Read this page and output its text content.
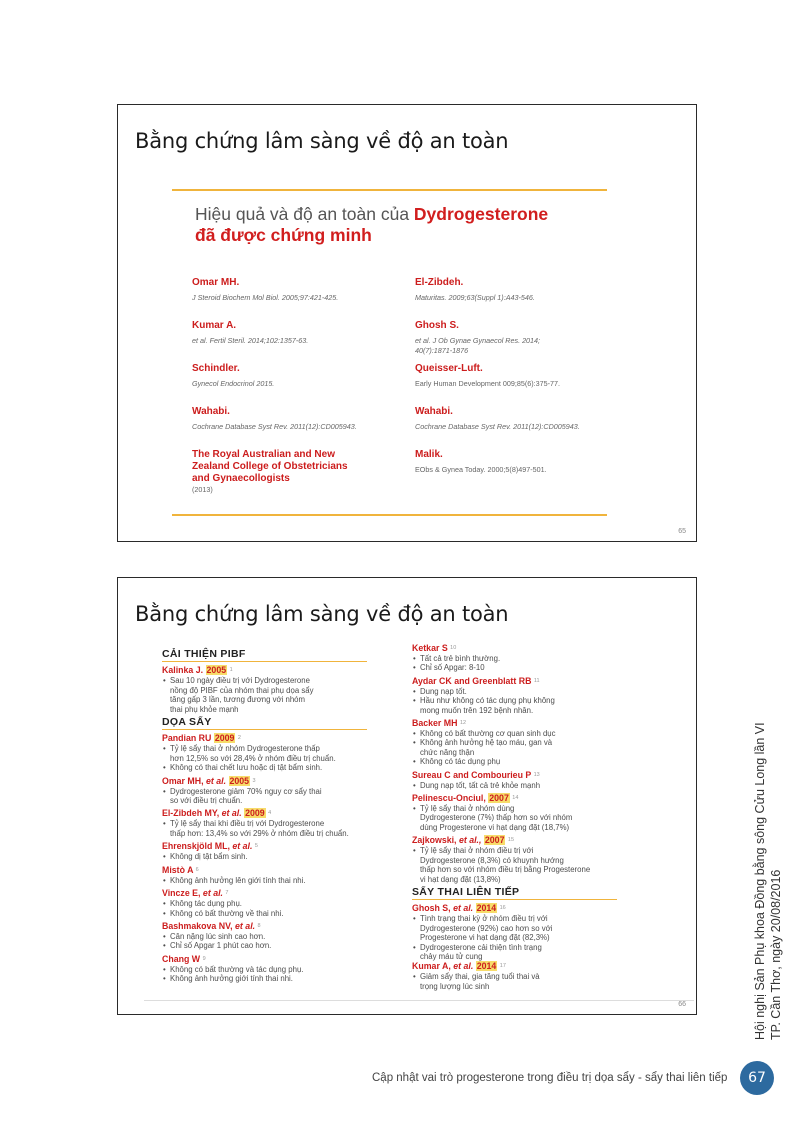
Bằng chứng lâm sàng về độ an toàn
Hiệu quả và độ an toàn của Dydrogesterone
đã được chứng minh
Omar MH.
J Steroid Biochem Mol Biol. 2005;97:421-425.
Kumar A.
et al. Fertil Steril. 2014;102:1357-63.
Schindler.
Gynecol Endocrinol 2015.
Wahabi.
Cochrane Database Syst Rev. 2011(12):CD005943.
The Royal Australian and New
Zealand College of Obstetricians
and Gynaecollogists
(2013)
El-Zibdeh.
Maturitas. 2009;63(Suppl 1):A43-546.
Ghosh S.
et al. J Ob Gynae Gynaecol Res. 2014;
40(7):1871-1876
Queisser-Luft.
Early Human Development 009;85(6):375-77.
Wahabi.
Cochrane Database Syst Rev. 2011(12):CD005943.
Malik.
EObs & Gynea Today. 2000;5(8)497-501.
65
Bằng chứng lâm sàng về độ an toàn
CẢI THIỆN PIBF
Kalinka J. 2005 $^1$
• Sau 10 ngày điều trị với Dydrogesterone
nồng độ PIBF của nhóm thai phụ dọa sẩy
tăng gấp 3 lần, tương đương với nhóm
thai phụ khỏe mạnh
DỌA SẨY
Pandian RU 2009 $^2$
• Tỷ lệ sẩy thai ở nhóm Dydrogesterone thấp
hơn 12,5% so với 28,4% ở nhóm điều trị chuẩn.
• Không có thai chết lưu hoặc dị tật bẩm sinh.
Omar MH, et al. 2005 $^3$
• Dydrogesterone giảm 70% nguy cơ sẩy thai
so với điều trị chuẩn.
El-Zibdeh MY, et al. 2009 $^4$
• Tỷ lệ sẩy thai khi điều trị với Dydrogesterone
thấp hơn: 13,4% so với 29% ở nhóm điều trị chuẩn.
Ehrenskjöld ML, et al. $^5$
• Không dị tật bẩm sinh.
Mistò A $^6$
• Không ảnh hưởng lên giới tính thai nhi.
Vincze E, et al. $^7$
• Không tác dụng phụ.
• Không có bất thường về thai nhi.
Bashmakova NV, et al. $^8$
• Cân nặng lúc sinh cao hơn.
• Chỉ số Apgar 1 phút cao hơn.
Chang W $^9$
• Không có bất thường và tác dụng phụ.
• Không ảnh hưởng giới tính thai nhi.
Ketkar S $^{10}$
• Tất cả trẻ bình thường.
• Chỉ số Apgar: 8-10
Aydar CK and Greenblatt RB $^{11}$
• Dung nạp tốt.
• Hầu như không có tác dụng phụ không
mong muốn trên 192 bệnh nhân.
Backer MH $^{12}$
• Không có bất thường cơ quan sinh dục
• Không ảnh hưởng hệ tạo máu, gan và
chức năng thận
• Không có tác dụng phụ
Sureau C and Combourieu P $^{13}$
• Dung nạp tốt, tất cả trẻ khỏe mạnh
Pelinescu-Onciul, 2007 $^{14}$
• Tỷ lệ sẩy thai ở nhóm dùng
Dydrogesterone (7%) thấp hơn so với nhóm
dùng Progesterone vi hạt dạng đặt (18,7%)
Zajkowski, et al., 2007 $^{15}$
• Tỷ lệ sẩy thai ở nhóm điều trị với
Dydrogesterone (8,3%) có khuynh hướng
thấp hơn so với nhóm điều trị bằng Progesterone
vi hạt dạng đặt (13,8%)
SẨY THAI LIÊN TIẾP
Ghosh S, et al. 2014 $^{16}$
• Tình trạng thai kỳ ở nhóm điều trị với
Dydrogesterone (92%) cao hơn so với
Progesterone vi hạt dạng đặt (82,3%)
• Dydrogesterone cải thiện tình trạng
chảy máu tử cung
Kumar A, et al. 2014 $^{17}$
• Giảm sẩy thai, gia tăng tuổi thai và
trọng lượng lúc sinh
66	Hội nghị Sản Phụ khoa Đồng bằng sông Cửu Long lần VI TP. Cần Thơ, ngày 20/08/2016
Cập nhật vai trò progesterone trong điều trị dọa sẩy - sẩy thai liên tiếp	67
